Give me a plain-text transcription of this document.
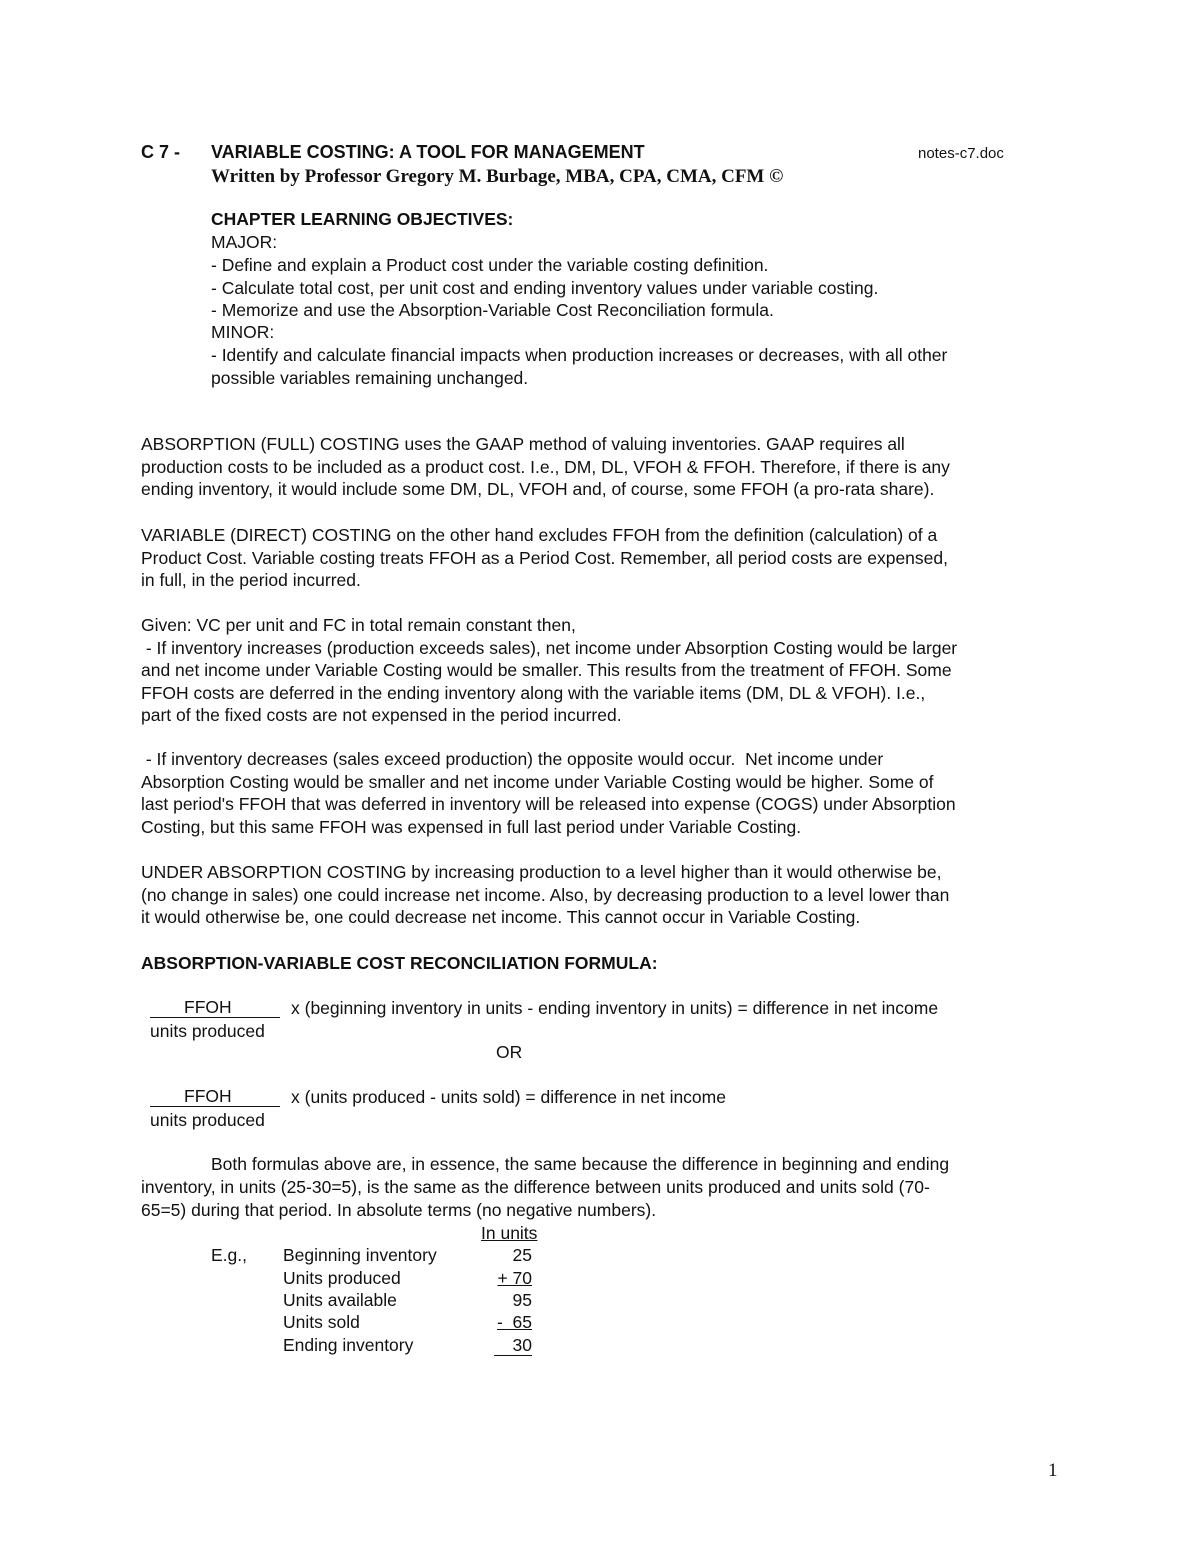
C 7 - VARIABLE COSTING: A TOOL FOR MANAGEMENT	notes-c7.doc
Written by Professor Gregory M. Burbage, MBA, CPA, CMA, CFM ©
CHAPTER LEARNING OBJECTIVES:
MAJOR:
- Define and explain a Product cost under the variable costing definition.
- Calculate total cost, per unit cost and ending inventory values under variable costing.
- Memorize and use the Absorption-Variable Cost Reconciliation formula.
MINOR:
- Identify and calculate financial impacts when production increases or decreases, with all other
possible variables remaining unchanged.
ABSORPTION (FULL) COSTING uses the GAAP method of valuing inventories. GAAP requires all
production costs to be included as a product cost. I.e., DM, DL, VFOH & FFOH. Therefore, if there is any
ending inventory, it would include some DM, DL, VFOH and, of course, some FFOH (a pro-rata share).
VARIABLE (DIRECT) COSTING on the other hand excludes FFOH from the definition (calculation) of a
Product Cost. Variable costing treats FFOH as a Period Cost. Remember, all period costs are expensed,
in full, in the period incurred.
Given: VC per unit and FC in total remain constant then,
- If inventory increases (production exceeds sales), net income under Absorption Costing would be larger
and net income under Variable Costing would be smaller. This results from the treatment of FFOH. Some
FFOH costs are deferred in the ending inventory along with the variable items (DM, DL & VFOH). I.e.,
part of the fixed costs are not expensed in the period incurred.
- If inventory decreases (sales exceed production) the opposite would occur.  Net income under
Absorption Costing would be smaller and net income under Variable Costing would be higher. Some of
last period's FFOH that was deferred in inventory will be released into expense (COGS) under Absorption
Costing, but this same FFOH was expensed in full last period under Variable Costing.
UNDER ABSORPTION COSTING by increasing production to a level higher than it would otherwise be,
(no change in sales) one could increase net income. Also, by decreasing production to a level lower than
it would otherwise be, one could decrease net income. This cannot occur in Variable Costing.
ABSORPTION-VARIABLE COST RECONCILIATION FORMULA:
FFOH	x (beginning inventory in units - ending inventory in units) = difference in net income
units produced
OR
FFOH	x (units produced - units sold) = difference in net income
units produced
Both formulas above are, in essence, the same because the difference in beginning and ending
inventory, in units (25-30=5), is the same as the difference between units produced and units sold (70-
65=5) during that period. In absolute terms (no negative numbers).
In units
E.g., Beginning inventory	25
Units produced	+ 70
Units available	95
Units sold	-  65
Ending inventory	30
1
